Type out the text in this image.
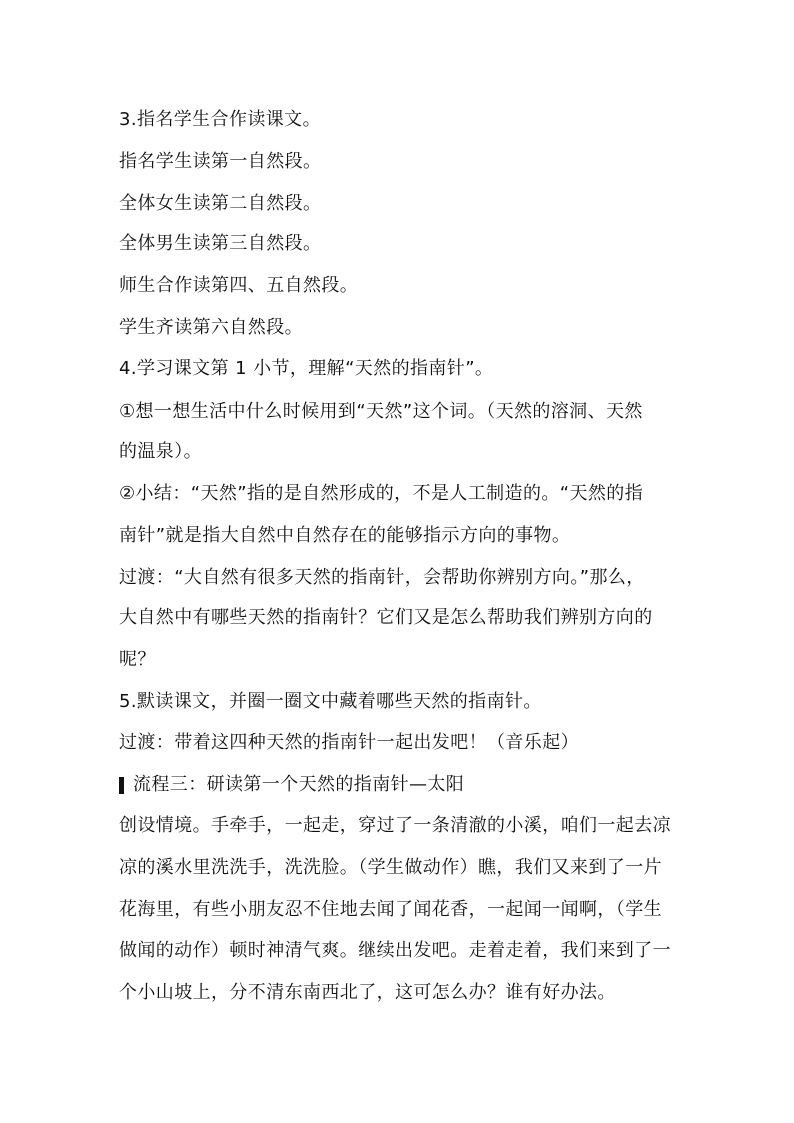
3.指名学生合作读课文。

指名学生读第一自然段。

全体女生读第二自然段。

全体男生读第三自然段。

师生合作读第四、五自然段。

学生齐读第六自然段。

4.学习课文第 1 小节，理解“天然的指南针”。

①想一想生活中什么时候用到“天然”这个词。（天然的溶洞、天然

的温泉）。

②小结：“天然”指的是自然形成的，不是人工制造的。“天然的指

南针”就是指大自然中自然存在的能够指示方向的事物。

过渡：“大自然有很多天然的指南针，会帮助你辨别方向。”那么，

大自然中有哪些天然的指南针？它们又是怎么帮助我们辨别方向的

呢？

5.默读课文，并圈一圈文中藏着哪些天然的指南针。

过渡：带着这四种天然的指南针一起出发吧！（音乐起）

流程三：研读第一个天然的指南针—太阳

创设情境。手牵手，一起走，穿过了一条清澈的小溪，咱们一起去凉

凉的溪水里洗洗手，洗洗脸。（学生做动作）瞧，我们又来到了一片

花海里，有些小朋友忍不住地去闻了闻花香，一起闻一闻啊，（学生

做闻的动作）顿时神清气爽。继续出发吧。走着走着，我们来到了一

个小山坡上，分不清东南西北了，这可怎么办？谁有好办法。
